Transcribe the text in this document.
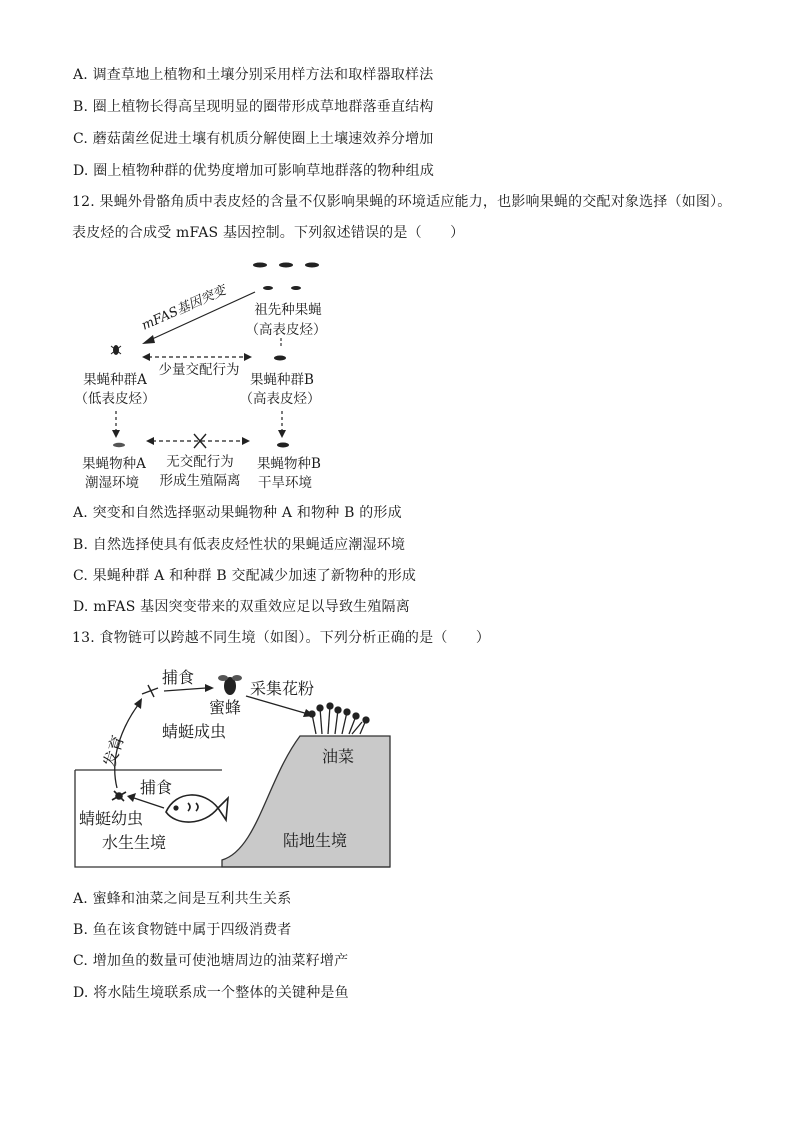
A. 调查草地上植物和土壤分别采用样方法和取样器取样法
B. 圈上植物长得高呈现明显的圈带形成草地群落垂直结构
C. 蘑菇菌丝促进土壤有机质分解使圈上土壤速效养分增加
D. 圈上植物种群的优势度增加可影响草地群落的物种组成
12. 果蝇外骨骼角质中表皮烃的含量不仅影响果蝇的环境适应能力，也影响果蝇的交配对象选择（如图）。
表皮烃的合成受 mFAS 基因控制。下列叙述错误的是（　　）
mFAS基因突变 祖先种果蝇
（高表皮烃）
少量交配行为
果蝇种群A
（低表皮烃）
果蝇种群B
（高表皮烃）
果蝇物种A
潮湿环境
无交配行为
形成生殖隔离
果蝇物种B
干旱环境
A. 突变和自然选择驱动果蝇物种 A 和物种 B 的形成
B. 自然选择使具有低表皮烃性状的果蝇适应潮湿环境
C. 果蝇种群 A 和种群 B 交配减少加速了新物种的形成
D. mFAS 基因突变带来的双重效应足以导致生殖隔离
13. 食物链可以跨越不同生境（如图）。下列分析正确的是（　　）
捕食
蜜蜂
采集花粉
蜻蜓成虫
油菜
发育
捕食
蜻蜓幼虫
水生生境	陆地生境
A. 蜜蜂和油菜之间是互利共生关系
B. 鱼在该食物链中属于四级消费者
C. 增加鱼的数量可使池塘周边的油菜籽增产
D. 将水陆生境联系成一个整体的关键种是鱼
